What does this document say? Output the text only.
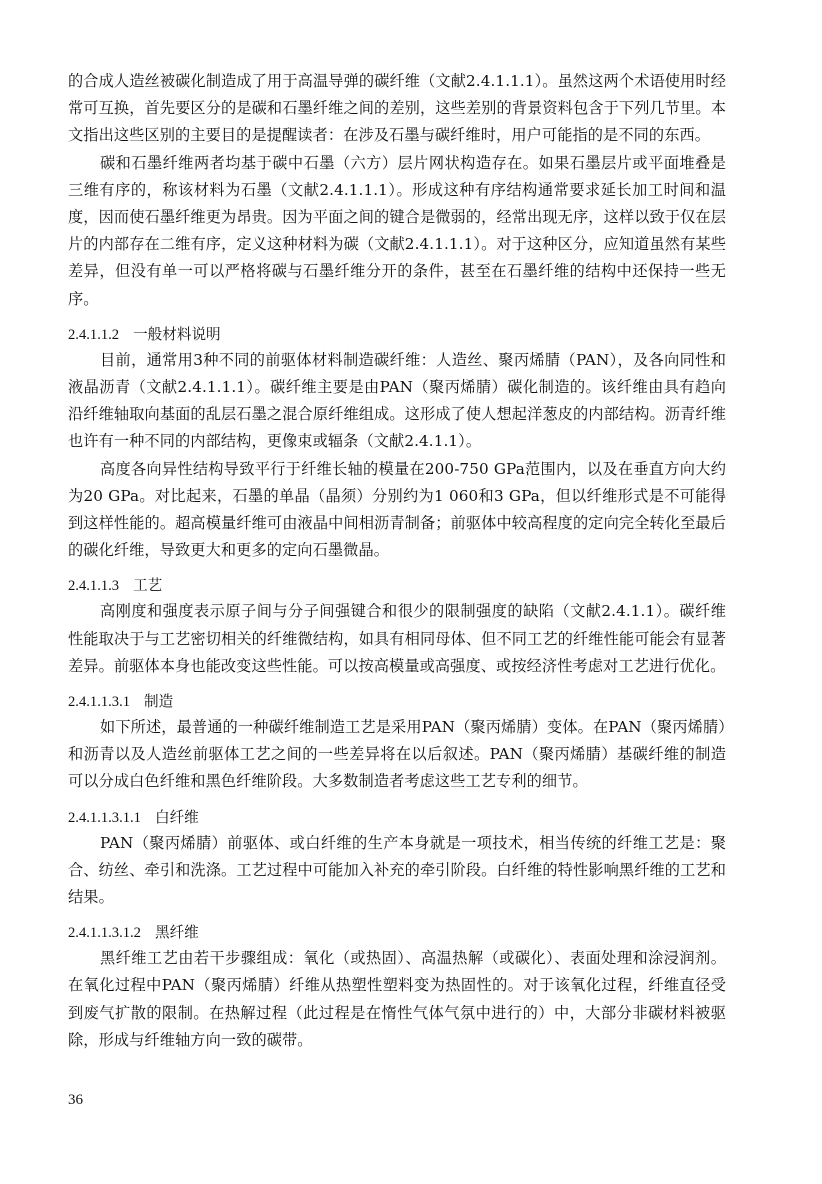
的合成人造丝被碳化制造成了用于高温导弹的碳纤维（文献2.4.1.1.1）。虽然这两个术语使用时经常可互换，首先要区分的是碳和石墨纤维之间的差别，这些差别的背景资料包含于下列几节里。本文指出这些区别的主要目的是提醒读者：在涉及石墨与碳纤维时，用户可能指的是不同的东西。

碳和石墨纤维两者均基于碳中石墨（六方）层片网状构造存在。如果石墨层片或平面堆叠是三维有序的，称该材料为石墨（文献2.4.1.1.1）。形成这种有序结构通常要求延长加工时间和温度，因而使石墨纤维更为昂贵。因为平面之间的键合是微弱的，经常出现无序，这样以致于仅在层片的内部存在二维有序，定义这种材料为碳（文献2.4.1.1.1）。对于这种区分，应知道虽然有某些差异，但没有单一可以严格将碳与石墨纤维分开的条件，甚至在石墨纤维的结构中还保持一些无序。

2.4.1.1.2 一般材料说明

目前，通常用3种不同的前驱体材料制造碳纤维：人造丝、聚丙烯腈（PAN），及各向同性和液晶沥青（文献2.4.1.1.1）。碳纤维主要是由PAN（聚丙烯腈）碳化制造的。该纤维由具有趋向沿纤维轴取向基面的乱层石墨之混合原纤维组成。这形成了使人想起洋葱皮的内部结构。沥青纤维也许有一种不同的内部结构，更像束或辐条（文献2.4.1.1）。

高度各向异性结构导致平行于纤维长轴的模量在200-750 GPa范围内，以及在垂直方向大约为20 GPa。对比起来，石墨的单晶（晶须）分别约为1 060和3 GPa，但以纤维形式是不可能得到这样性能的。超高模量纤维可由液晶中间相沥青制备；前驱体中较高程度的定向完全转化至最后的碳化纤维，导致更大和更多的定向石墨微晶。

2.4.1.1.3 工艺

高刚度和强度表示原子间与分子间强键合和很少的限制强度的缺陷（文献2.4.1.1）。碳纤维性能取决于与工艺密切相关的纤维微结构，如具有相同母体、但不同工艺的纤维性能可能会有显著差异。前驱体本身也能改变这些性能。可以按高模量或高强度、或按经济性考虑对工艺进行优化。

2.4.1.1.3.1 制造

如下所述，最普通的一种碳纤维制造工艺是采用PAN（聚丙烯腈）变体。在PAN（聚丙烯腈）和沥青以及人造丝前驱体工艺之间的一些差异将在以后叙述。PAN（聚丙烯腈）基碳纤维的制造可以分成白色纤维和黑色纤维阶段。大多数制造者考虑这些工艺专利的细节。

2.4.1.1.3.1.1 白纤维

PAN（聚丙烯腈）前驱体、或白纤维的生产本身就是一项技术，相当传统的纤维工艺是：聚合、纺丝、牵引和洗涤。工艺过程中可能加入补充的牵引阶段。白纤维的特性影响黑纤维的工艺和结果。

2.4.1.1.3.1.2 黑纤维

黑纤维工艺由若干步骤组成：氧化（或热固）、高温热解（或碳化）、表面处理和涂浸润剂。在氧化过程中PAN（聚丙烯腈）纤维从热塑性塑料变为热固性的。对于该氧化过程，纤维直径受到废气扩散的限制。在热解过程（此过程是在惰性气体气氛中进行的）中，大部分非碳材料被驱除，形成与纤维轴方向一致的碳带。

36
